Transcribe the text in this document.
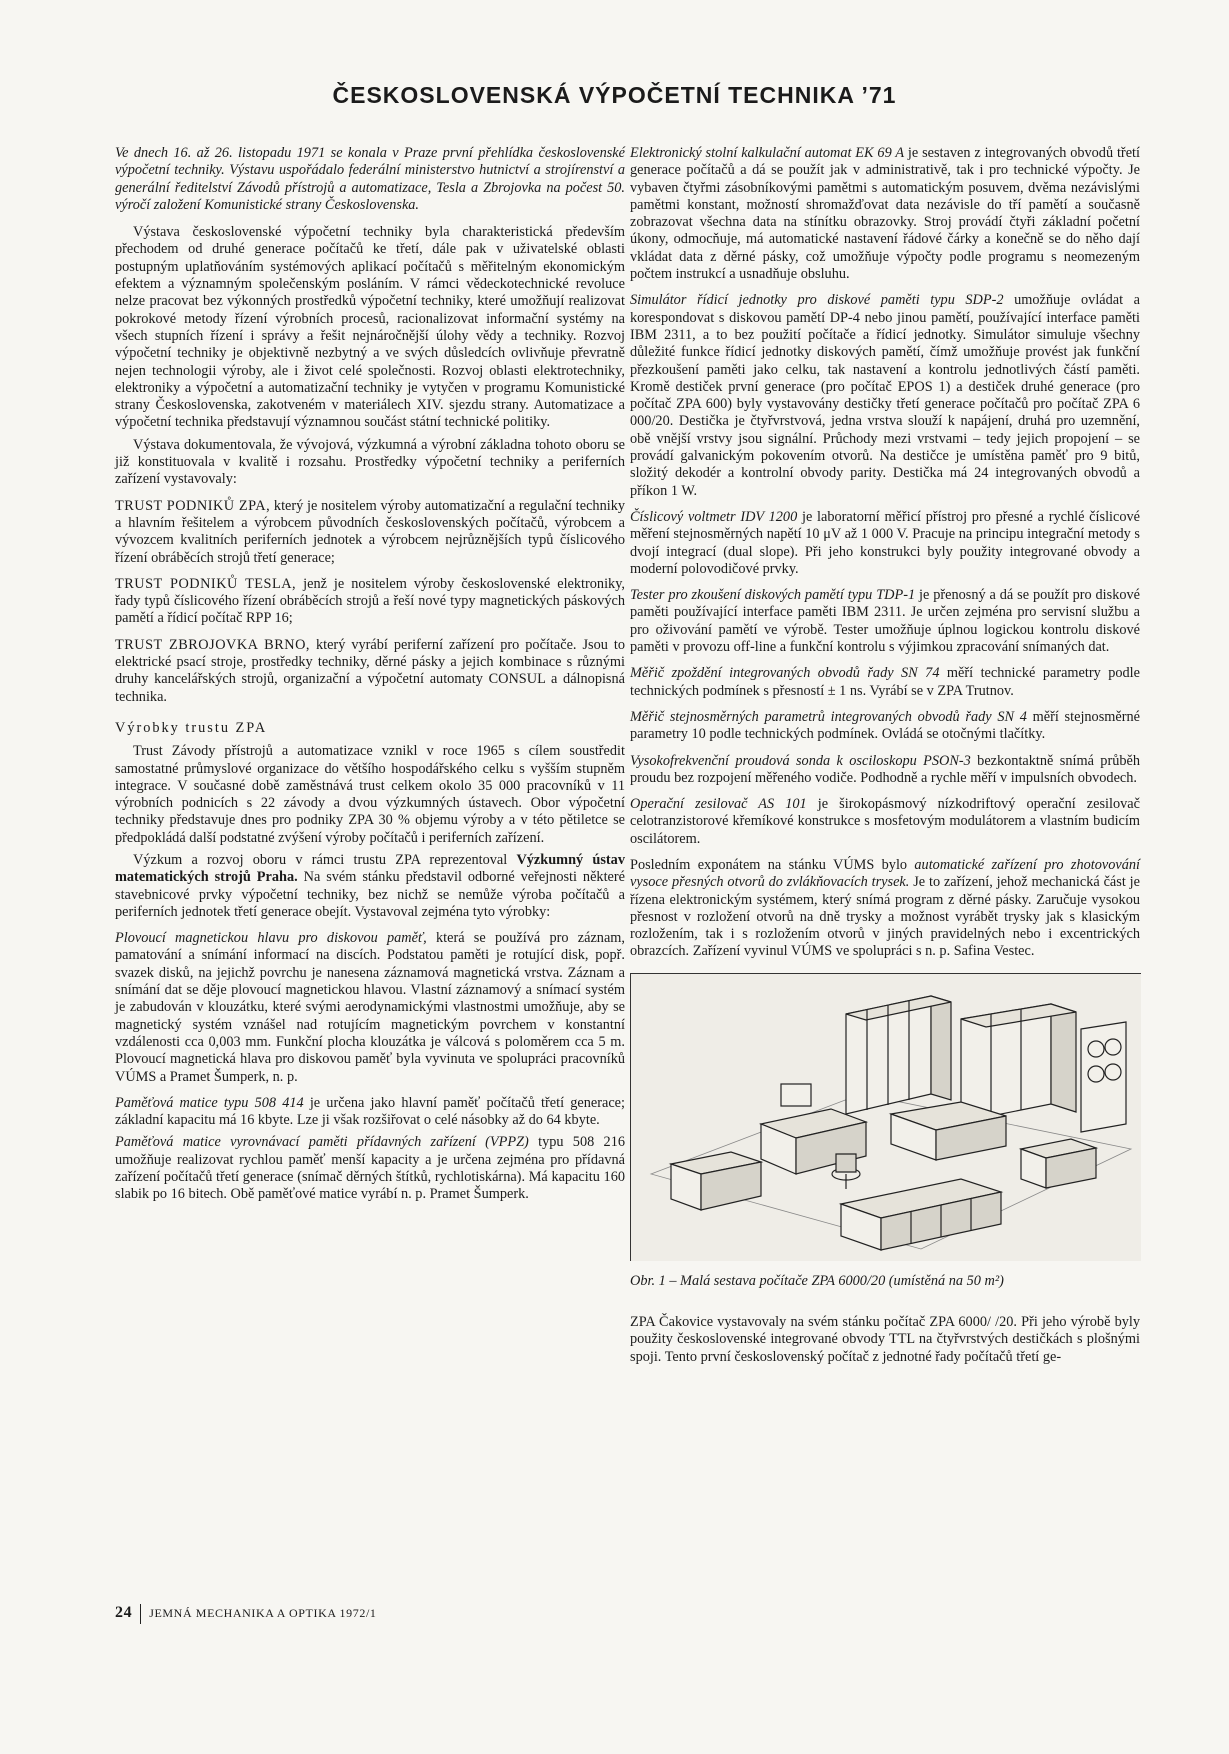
ČESKOSLOVENSKÁ VÝPOČETNÍ TECHNIKA ’71

Ve dnech 16. až 26. listopadu 1971 se konala v Praze první přehlídka československé výpočetní techniky. Výstavu uspořádalo federální ministerstvo hutnictví a strojírenství a generální ředitelství Závodů přístrojů a automatizace, Tesla a Zbrojovka na počest 50. výročí založení Komunistické strany Československa.

Výstava československé výpočetní techniky byla charakteristická především přechodem od druhé generace počítačů ke třetí, dále pak v uživatelské oblasti postupným uplatňováním systémových aplikací počítačů s měřitelným ekonomickým efektem a významným společenským posláním. V rámci vědeckotechnické revoluce nelze pracovat bez výkonných prostředků výpočetní techniky, které umožňují realizovat pokrokové metody řízení výrobních procesů, racionalizovat informační systémy na všech stupních řízení i správy a řešit nejnáročnější úlohy vědy a techniky. Rozvoj výpočetní techniky je objektivně nezbytný a ve svých důsledcích ovlivňuje převratně nejen technologii výroby, ale i život celé společnosti. Rozvoj oblasti elektrotechniky, elektroniky a výpočetní a automatizační techniky je vytyčen v programu Komunistické strany Československa, zakotveném v materiálech XIV. sjezdu strany. Automatizace a výpočetní technika představují významnou součást státní technické politiky.

Výstava dokumentovala, že vývojová, výzkumná a výrobní základna tohoto oboru se již konstituovala v kvalitě i rozsahu. Prostředky výpočetní techniky a periferních zařízení vystavovaly:

TRUST PODNIKŮ ZPA, který je nositelem výroby automatizační a regulační techniky a hlavním řešitelem a výrobcem původních československých počítačů, výrobcem a vývozcem kvalitních periferních jednotek a výrobcem nejrůznějších typů číslicového řízení obráběcích strojů třetí generace;

TRUST PODNIKŮ TESLA, jenž je nositelem výroby československé elektroniky, řady typů číslicového řízení obráběcích strojů a řeší nové typy magnetických páskových pamětí a řídicí počítač RPP 16;

TRUST ZBROJOVKA BRNO, který vyrábí periferní zařízení pro počítače. Jsou to elektrické psací stroje, prostředky techniky, děrné pásky a jejich kombinace s různými druhy kancelářských strojů, organizační a výpočetní automaty CONSUL a dálnopisná technika.

Výrobky trustu ZPA

Trust Závody přístrojů a automatizace vznikl v roce 1965 s cílem soustředit samostatné průmyslové organizace do většího hospodářského celku s vyšším stupněm integrace. V současné době zaměstnává trust celkem okolo 35 000 pracovníků v 11 výrobních podnicích s 22 závody a dvou výzkumných ústavech. Obor výpočetní techniky představuje dnes pro podniky ZPA 30 % objemu výroby a v této pětiletce se předpokládá další podstatné zvýšení výroby počítačů i periferních zařízení.

Výzkum a rozvoj oboru v rámci trustu ZPA reprezentoval Výzkumný ústav matematických strojů Praha. Na svém stánku představil odborné veřejnosti některé stavebnicové prvky výpočetní techniky, bez nichž se nemůže výroba počítačů a periferních jednotek třetí generace obejít. Vystavoval zejména tyto výrobky:

Plovoucí magnetickou hlavu pro diskovou paměť, která se používá pro záznam, pamatování a snímání informací na discích. Podstatou paměti je rotující disk, popř. svazek disků, na jejichž povrchu je nanesena záznamová magnetická vrstva. Záznam a snímání dat se děje plovoucí magnetickou hlavou. Vlastní záznamový a snímací systém je zabudován v klouzátku, které svými aerodynamickými vlastnostmi umožňuje, aby se magnetický systém vznášel nad rotujícím magnetickým povrchem v konstantní vzdálenosti cca 0,003 mm. Funkční plocha klouzátka je válcová s poloměrem cca 5 m. Plovoucí magnetická hlava pro diskovou paměť byla vyvinuta ve spolupráci pracovníků VÚMS a Pramet Šumperk, n. p.

Paměťová matice typu 508 414 je určena jako hlavní paměť počítačů třetí generace; základní kapacitu má 16 kbyte. Lze ji však rozšiřovat o celé násobky až do 64 kbyte.

Paměťová matice vyrovnávací paměti přídavných zařízení (VPPZ) typu 508 216 umožňuje realizovat rychlou paměť menší kapacity a je určena zejména pro přídavná zařízení počítačů třetí generace (snímač děrných štítků, rychlotiskárna). Má kapacitu 160 slabik po 16 bitech. Obě paměťové matice vyrábí n. p. Pramet Šumperk.

Elektronický stolní kalkulační automat EK 69 A je sestaven z integrovaných obvodů třetí generace počítačů a dá se použít jak v administrativě, tak i pro technické výpočty. Je vybaven čtyřmi zásobníkovými pamětmi s automatickým posuvem, dvěma nezávislými pamětmi konstant, možností shromažďovat data nezávisle do tří pamětí a současně zobrazovat všechna data na stínítku obrazovky. Stroj provádí čtyři základní početní úkony, odmocňuje, má automatické nastavení řádové čárky a konečně se do něho dají vkládat data z děrné pásky, což umožňuje výpočty podle programu s neomezeným počtem instrukcí a usnadňuje obsluhu.

Simulátor řídicí jednotky pro diskové paměti typu SDP-2 umožňuje ovládat a korespondovat s diskovou pamětí DP-4 nebo jinou pamětí, používající interface paměti IBM 2311, a to bez použití počítače a řídicí jednotky. Simulátor simuluje všechny důležité funkce řídicí jednotky diskových pamětí, čímž umožňuje provést jak funkční přezkoušení paměti jako celku, tak nastavení a kontrolu jednotlivých částí paměti. Kromě destiček první generace (pro počítač EPOS 1) a destiček druhé generace (pro počítač ZPA 600) byly vystavovány destičky třetí generace počítačů pro počítač ZPA 6 000/20. Destička je čtyřvrstvová, jedna vrstva slouží k napájení, druhá pro uzemnění, obě vnější vrstvy jsou signální. Průchody mezi vrstvami – tedy jejich propojení – se provádí galvanickým pokovením otvorů. Na destičce je umístěna paměť pro 9 bitů, složitý dekodér a kontrolní obvody parity. Destička má 24 integrovaných obvodů a příkon 1 W.

Číslicový voltmetr IDV 1200 je laboratorní měřicí přístroj pro přesné a rychlé číslicové měření stejnosměrných napětí 10 μV až 1 000 V. Pracuje na principu integrační metody s dvojí integrací (dual slope). Při jeho konstrukci byly použity integrované obvody a moderní polovodičové prvky.

Tester pro zkoušení diskových pamětí typu TDP-1 je přenosný a dá se použít pro diskové paměti používající interface paměti IBM 2311. Je určen zejména pro servisní službu a pro oživování pamětí ve výrobě. Tester umožňuje úplnou logickou kontrolu diskové paměti v provozu off-line a funkční kontrolu s výjimkou zpracování snímaných dat.

Měřič zpoždění integrovaných obvodů řady SN 74 měří technické parametry podle technických podmínek s přesností ± 1 ns. Vyrábí se v ZPA Trutnov.

Měřič stejnosměrných parametrů integrovaných obvodů řady SN 4 měří stejnosměrné parametry 10 podle technických podmínek. Ovládá se otočnými tlačítky.

Vysokofrekvenční proudová sonda k osciloskopu PSON-3 bezkontaktně snímá průběh proudu bez rozpojení měřeného vodiče. Podhodně a rychle měří v impulsních obvodech.

Operační zesilovač AS 101 je širokopásmový nízkodriftový operační zesilovač celotranzistorové křemíkové konstrukce s mosfetovým modulátorem a vlastním budicím oscilátorem.

Posledním exponátem na stánku VÚMS bylo automatické zařízení pro zhotovování vysoce přesných otvorů do zvlákňovacích trysek. Je to zařízení, jehož mechanická část je řízena elektronickým systémem, který snímá program z děrné pásky. Zaručuje vysokou přesnost v rozložení otvorů na dně trysky a možnost vyrábět trysky jak s klasickým rozložením, tak i s rozložením otvorů v jiných pravidelných nebo i excentrických obrazcích. Zařízení vyvinul VÚMS ve spolupráci s n. p. Safina Vestec.

Obr. 1 – Malá sestava počítače ZPA 6000/20 (umístěná na 50 m²)

ZPA Čakovice vystavovaly na svém stánku počítač ZPA 6000/ /20. Při jeho výrobě byly použity československé integrované obvody TTL na čtyřvrstvých destičkách s plošnými spoji. Tento první československý počítač z jednotné řady počítačů třetí ge-

24 JEMNÁ MECHANIKA A OPTIKA 1972/1
